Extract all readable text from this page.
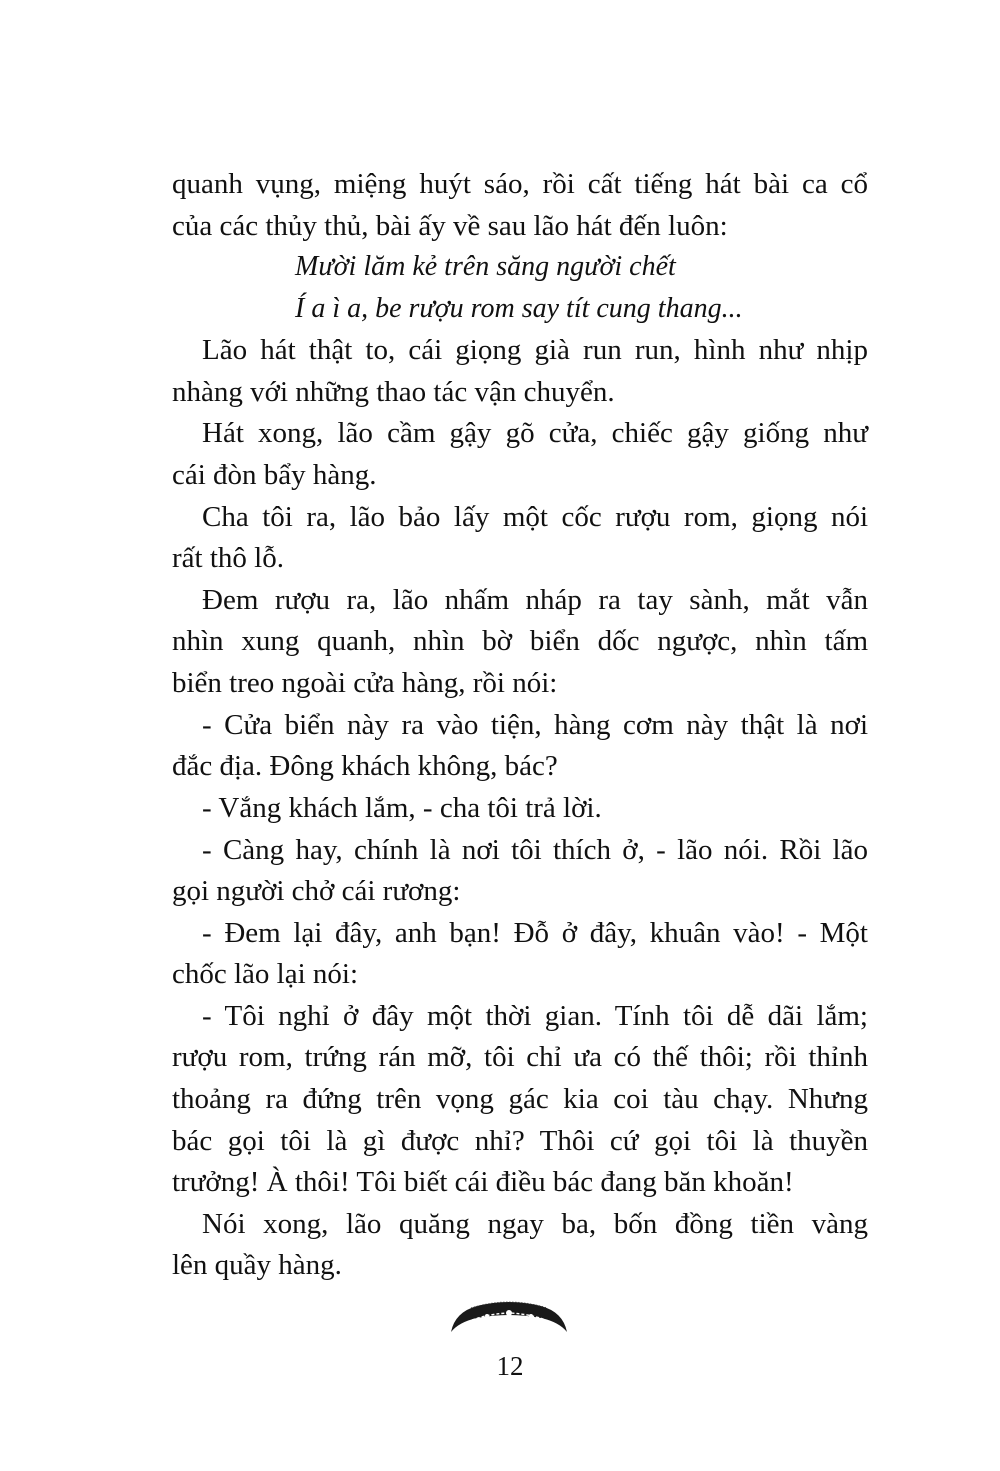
quanh vụng, miệng huýt sáo, rồi cất tiếng hát bài ca cổ
của các thủy thủ, bài ấy về sau lão hát đến luôn:
Mười lăm kẻ trên săng người chết
Í a ì a, be rượu rom say tít cung thang...
Lão hát thật to, cái giọng già run run, hình như nhịp
nhàng với những thao tác vận chuyển.
Hát xong, lão cầm gậy gõ cửa, chiếc gậy giống như
cái đòn bẩy hàng.
Cha tôi ra, lão bảo lấy một cốc rượu rom, giọng nói
rất thô lỗ.
Đem rượu ra, lão nhấm nháp ra tay sành, mắt vẫn
nhìn xung quanh, nhìn bờ biển dốc ngược, nhìn tấm
biển treo ngoài cửa hàng, rồi nói:
- Cửa biển này ra vào tiện, hàng cơm này thật là nơi
đắc địa. Đông khách không, bác?
- Vắng khách lắm, - cha tôi trả lời.
- Càng hay, chính là nơi tôi thích ở, - lão nói. Rồi lão
gọi người chở cái rương:
- Đem lại đây, anh bạn! Đỗ ở đây, khuân vào! - Một
chốc lão lại nói:
- Tôi nghỉ ở đây một thời gian. Tính tôi dễ dãi lắm;
rượu rom, trứng rán mỡ, tôi chỉ ưa có thế thôi; rồi thỉnh
thoảng ra đứng trên vọng gác kia coi tàu chạy. Nhưng
bác gọi tôi là gì được nhỉ? Thôi cứ gọi tôi là thuyền
trưởng! À thôi! Tôi biết cái điều bác đang băn khoăn!
Nói xong, lão quăng ngay ba, bốn đồng tiền vàng
lên quầy hàng.
12
